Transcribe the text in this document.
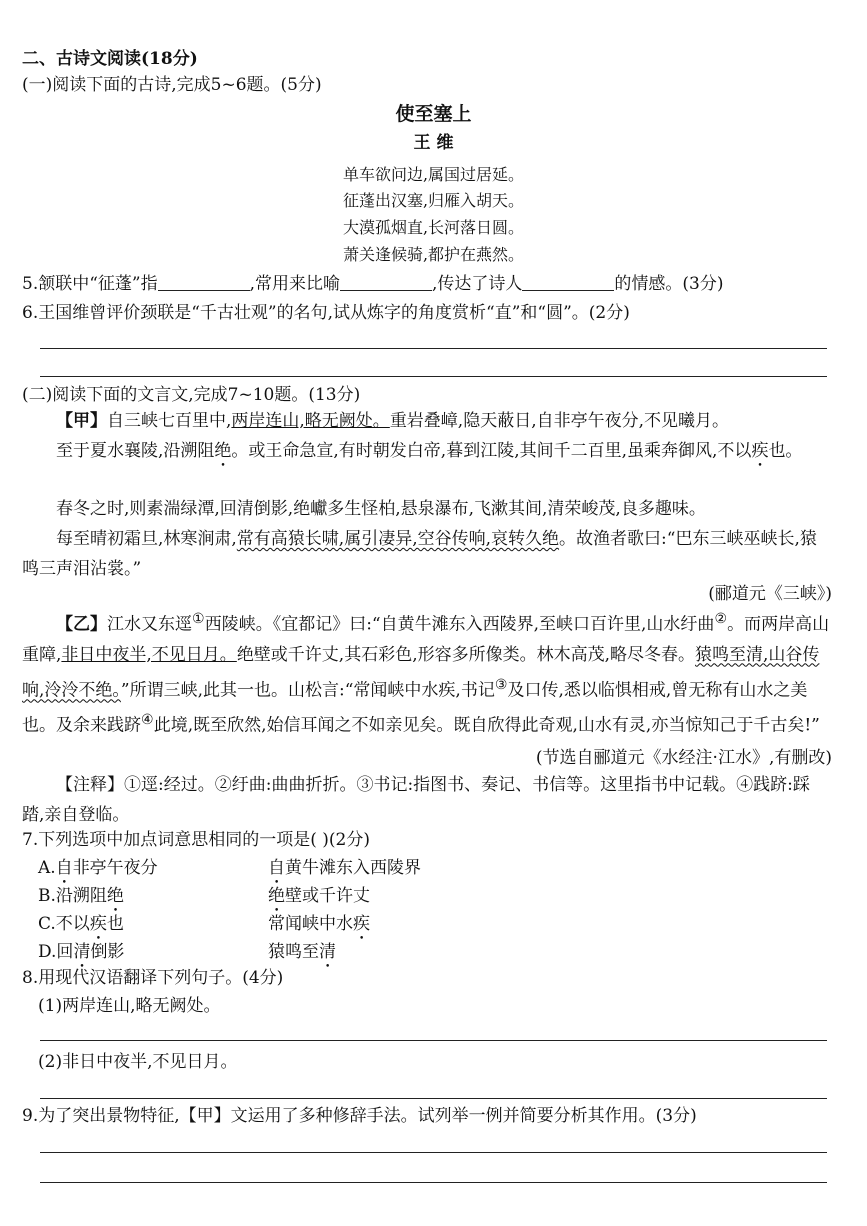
二、古诗文阅读(18分)
(一)阅读下面的古诗,完成5~6题。(5分)
使至塞上
王 维
单车欲问边,属国过居延。
征蓬出汉塞,归雁入胡天。
大漠孤烟直,长河落日圆。
萧关逢候骑,都护在燕然。
5.颔联中“征蓬”指	,常用来比喻	,传达了诗人	的情感。(3分)
6.王国维曾评价颈联是“千古壮观”的名句,试从炼字的角度赏析“直”和“圆”。(2分)
(二)阅读下面的文言文,完成7~10题。(13分)
【甲】自三峡七百里中,两岸连山,略无阙处。重岩叠嶂,隐天蔽日,自非亭午夜分,不见曦月。
至于夏水襄陵,沿溯阻绝。或王命急宣,有时朝发白帝,暮到江陵,其间千二百里,虽乘奔御风,不以疾也。
春冬之时,则素湍绿潭,回清倒影,绝巘多生怪柏,悬泉瀑布,飞漱其间,清荣峻茂,良多趣味。
每至晴初霜旦,林寒涧肃,常有高猿长啸,属引凄异,空谷传响,哀转久绝。故渔者歌曰:“巴东三峡巫峡长,猿鸣三声泪沾裳。”
(郦道元《三峡》)
【乙】江水又东逕①西陵峡。《宜都记》曰:“自黄牛滩东入西陵界,至峡口百许里,山水纡曲②。而两岸高山重障,非日中夜半,不见日月。绝壁或千许丈,其石彩色,形容多所像类。林木高茂,略尽冬春。猿鸣至清,山谷传响,泠泠不绝。”所谓三峡,此其一也。山松言:“常闻峡中水疾,书记③及口传,悉以临惧相戒,曾无称有山水之美也。及余来践跻④此境,既至欣然,始信耳闻之不如亲见矣。既自欣得此奇观,山水有灵,亦当惊知己于千古矣!”
(节选自郦道元《水经注·江水》,有删改)
【注释】①逕:经过。②纡曲:曲曲折折。③书记:指图书、奏记、书信等。这里指书中记载。④践跻:踩踏,亲自登临。
7.下列选项中加点词意思相同的一项是( )(2分)
A.自非亭午夜分	自黄牛滩东入西陵界
B.沿溯阻绝	绝壁或千许丈
C.不以疾也	常闻峡中水疾
D.回清倒影	猿鸣至清
8.用现代汉语翻译下列句子。(4分)
(1)两岸连山,略无阙处。
(2)非日中夜半,不见日月。
9.为了突出景物特征,【甲】文运用了多种修辞手法。试列举一例并简要分析其作用。(3分)
